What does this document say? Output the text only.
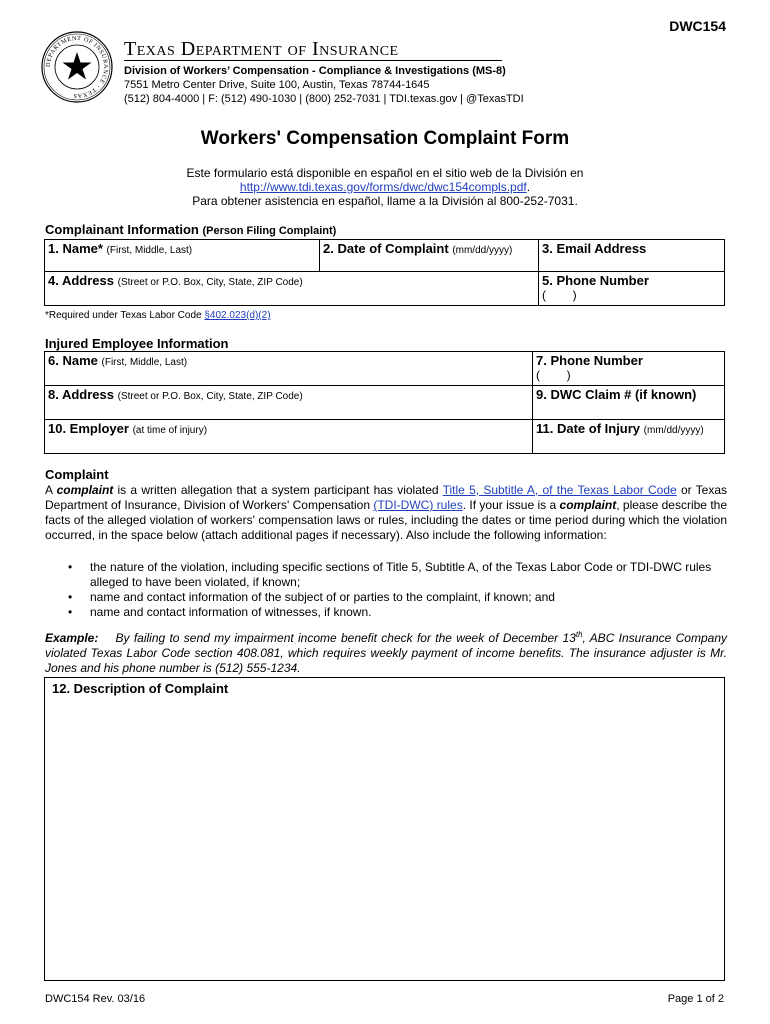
DWC154
DEPARTMENT OF INSURANCE · TEXAS
Texas Department of Insurance
Division of Workers’ Compensation - Compliance & Investigations (MS-8)
7551 Metro Center Drive, Suite 100, Austin, Texas 78744-1645
(512) 804-4000 | F: (512) 490-1030 | (800) 252-7031 | TDI.texas.gov | @TexasTDI
Workers' Compensation Complaint Form
Este formulario está disponible en español en el sitio web de la División en
http://www.tdi.texas.gov/forms/dwc/dwc154compls.pdf.
Para obtener asistencia en español, llame a la División al 800-252-7031.
Complainant Information (Person Filing Complaint)
1. Name* (First, Middle, Last)	2. Date of Complaint (mm/dd/yyyy)	3. Email Address
4. Address (Street or P.O. Box, City, State, ZIP Code)		5. Phone Number
(        )
*Required under Texas Labor Code §402.023(d)(2)
Injured Employee Information
6. Name (First, Middle, Last)	7. Phone Number
(        )

8. Address (Street or P.O. Box, City, State, ZIP Code)	9. DWC Claim # (if known)
10. Employer (at time of injury)	11. Date of Injury (mm/dd/yyyy)
Complaint

A complaint is a written allegation that a system participant has violated Title 5, Subtitle A, of the Texas Labor Code or Texas Department of Insurance, Division of Workers' Compensation (TDI-DWC) rules. If your issue is a complaint, please describe the facts of the alleged violation of workers' compensation laws or rules, including the dates or time period during which the violation occurred, in the space below (attach additional pages if necessary). Also include the following information:

• the nature of the violation, including specific sections of Title 5, Subtitle A, of the Texas Labor Code or TDI-DWC rules alleged to have been violated, if known;
• name and contact information of the subject of or parties to the complaint, if known; and
• name and contact information of witnesses, if known.
Example: By failing to send my impairment income benefit check for the week of December 13th, ABC Insurance Company violated Texas Labor Code section 408.081, which requires weekly payment of income benefits. The insurance adjuster is Mr. Jones and his phone number is (512) 555-1234.
12. Description of Complaint
DWC154 Rev. 03/16	Page 1 of 2
